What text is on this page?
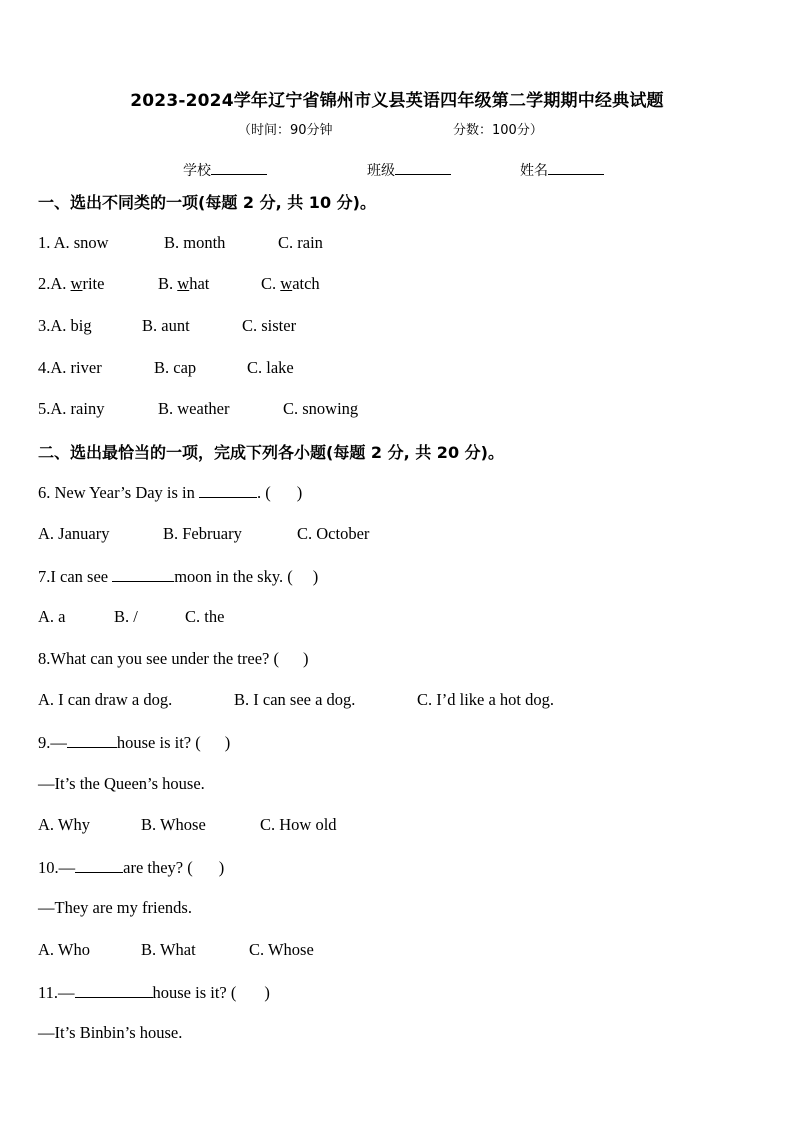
2023-2024学年辽宁省锦州市义县英语四年级第二学期期中经典试题
（时间：90分钟	分数：100分）
学校	班级	姓名
一、选出不同类的一项(每题 2 分, 共 10 分)。
1. A. snow	B. month	C. rain
2.A. write	B. what	C. watch
3.A. big	B. aunt	C. sister
4.A. river	B. cap	C. lake
5.A. rainy	B. weather	C. snowing
二、选出最恰当的一项，完成下列各小题(每题 2 分, 共 20 分)。
6. New Year’s Day is in	. ( )
A. January	B. February	C. October
7.I can see	moon in the sky. ( )
A. a	B. /	C. the
8.What can you see under the tree? ( )
A. I can draw a dog.	B. I can see a dog.	C. I’d like a hot dog.
9.—	house is it? ( )
—It’s the Queen’s house.
A. Why	B. Whose	C. How old
10.—	are they? ( )
—They are my friends.
A. Who	B. What	C. Whose
11.—	house is it? ( )
—It’s Binbin’s house.
